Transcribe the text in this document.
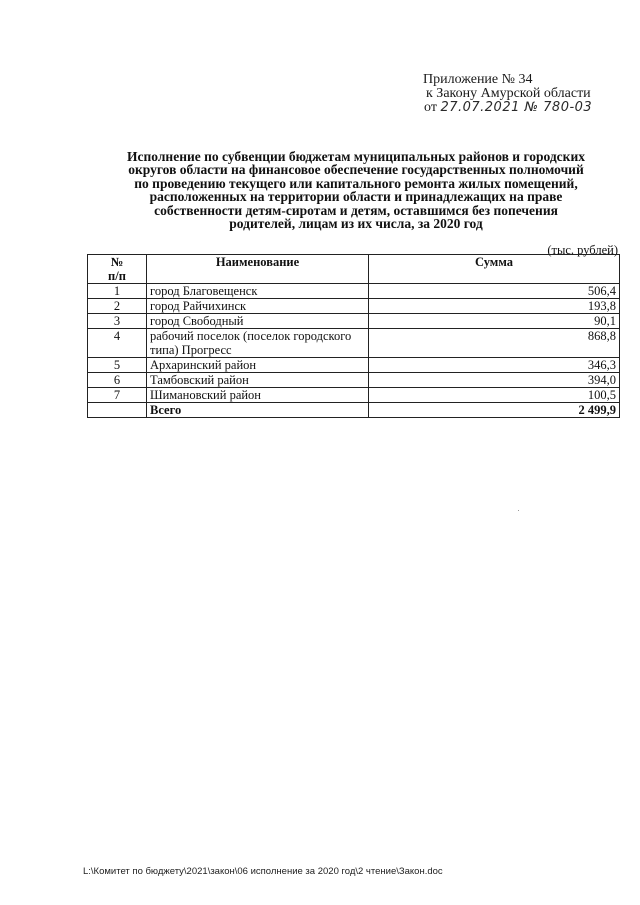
Приложение № 34
к Закону Амурской области
от 27.07.2021 № 780-03
Исполнение по субвенции бюджетам муниципальных районов и городских
округов области на финансовое обеспечение государственных полномочий
по проведению текущего или капитального ремонта жилых помещений,
расположенных на территории области и принадлежащих на праве
собственности детям-сиротам и детям, оставшимся без попечения
родителей, лицам из их числа, за 2020 год
(тыс. рублей)
№
п/п	Наименование	Сумма
1	город Благовещенск	506,4
2	город Райчихинск	193,8
3	город Свободный	90,1
4	рабочий поселок (поселок городского типа) Прогресс	868,8
5	Архаринский район	346,3
6	Тамбовский район	394,0
7	Шимановский район	100,5
	Всего	2 499,9
L:\Комитет по бюджету\2021\закон\06 исполнение за 2020 год\2 чтение\Закон.doc
